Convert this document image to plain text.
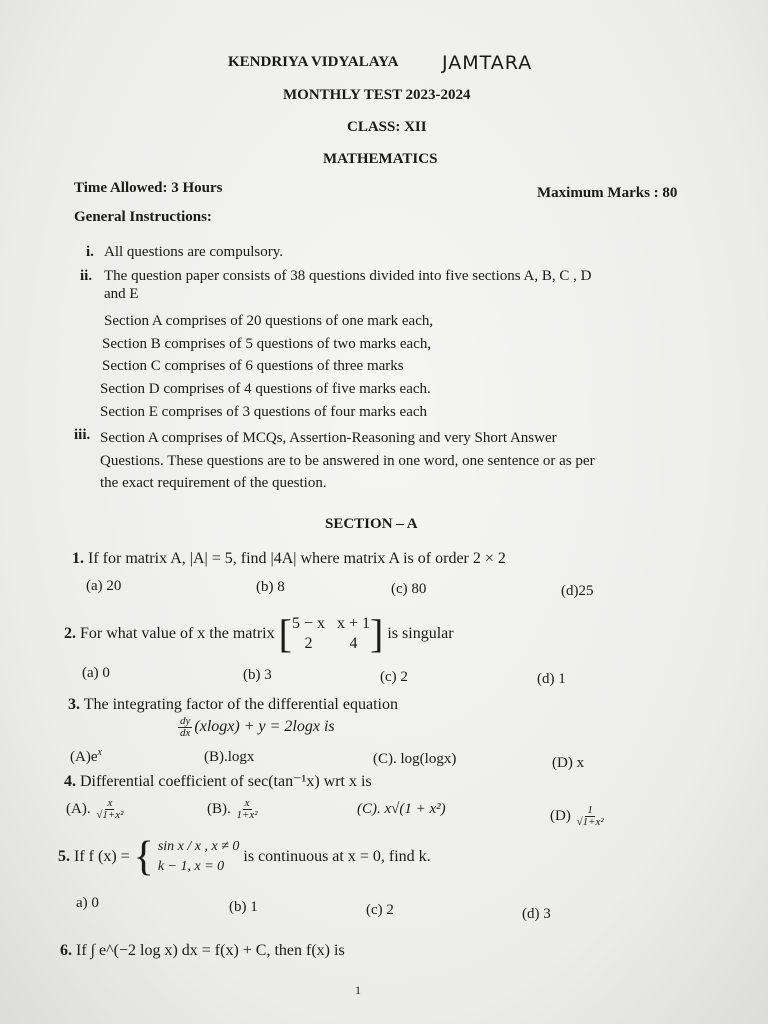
KENDRIYA VIDYALAYA JAMTARA
MONTHLY TEST 2023-2024
CLASS: XII
MATHEMATICS
Time Allowed: 3 Hours	Maximum Marks : 80
General Instructions:
i. All questions are compulsory.
ii. The question paper consists of 38 questions divided into five sections A, B, C , D
and E
Section A comprises of 20 questions of one mark each,
Section B comprises of 5 questions of two marks each,
Section C comprises of 6 questions of three marks
Section D comprises of 4 questions of five marks each.
Section E comprises of 3 questions of four marks each
iii. Section A comprises of MCQs, Assertion-Reasoning and very Short Answer
Questions. These questions are to be answered in one word, one sentence or as per
the exact requirement of the question.
SECTION – A
1. If for matrix A, |A| = 5, find |4A| where matrix A is of order 2 × 2
(a) 20	(b) 8	(c) 80	(d)25
2. For what value of x the matrix [ 5 − x x + 1
2	4 ] is singular
(a) 0	(b) 3	(c) 2	(d) 1
3. The integrating factor of the differential equation
$\frac{dy}{dx} (xlogx) + y = 2\log x$ is
$(A)e^x$	(B).logx	(C). log(logx)	(D) x
4. Differential coefficient of sec(tan⁻¹x) wrt x is
(A). $\frac{x}{\text{√1+x²}}$	(B). $\frac{x}{\text{1+x²}}$	(C). x√(1 + x²)	$(D) \frac{1}{\text{√1+x²}}$
5. If f (x) = { sin x / x , x ≠ 0
k − 1, x = 0
is continuous at x = 0, find k.
a) 0	(b) 1	(c) 2	(d) 3
6. If ∫ e^(−2 log x) dx = f(x) + C, then f(x) is
1
